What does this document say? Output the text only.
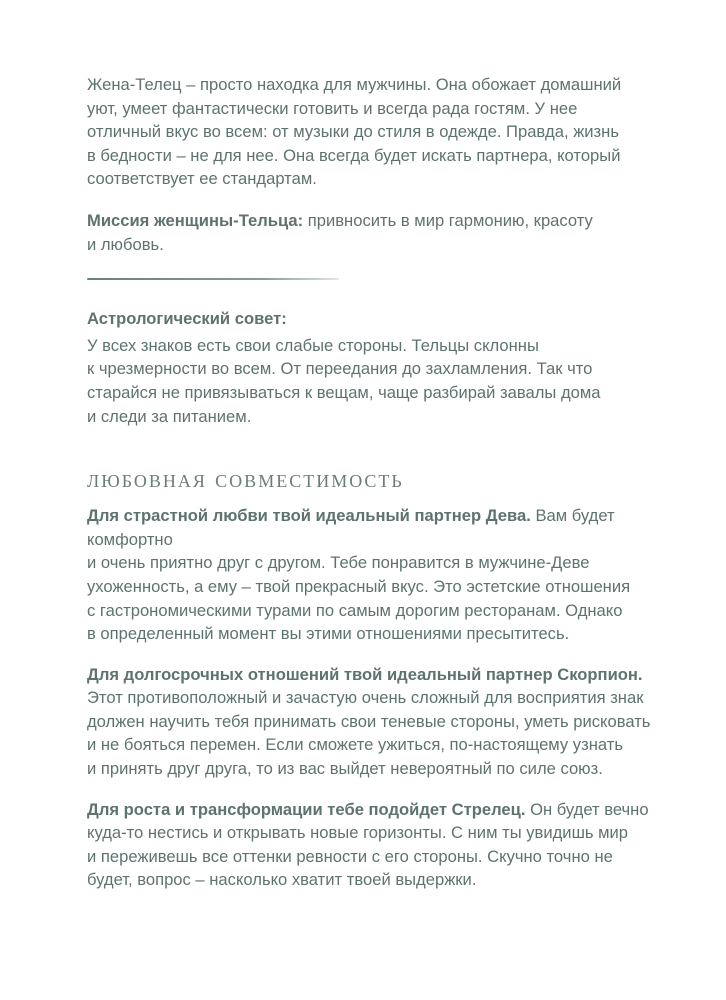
Жена-Телец – просто находка для мужчины. Она обожает домашний
уют, умеет фантастически готовить и всегда рада гостям. У нее
отличный вкус во всем: от музыки до стиля в одежде. Правда, жизнь
в бедности – не для нее. Она всегда будет искать партнера, который
соответствует ее стандартам.

Миссия женщины-Тельца: привносить в мир гармонию, красоту
и любовь.

Астрологический совет:

У всех знаков есть свои слабые стороны. Тельцы склонны
к чрезмерности во всем. От переедания до захламления. Так что
старайся не привязываться к вещам, чаще разбирай завалы дома
и следи за питанием.

любовная совместимость

Для страстной любви твой идеальный партнер Дева. Вам будет комфортно
и очень приятно друг с другом. Тебе понравится в мужчине-Деве
ухоженность, а ему – твой прекрасный вкус. Это эстетские отношения
с гастрономическими турами по самым дорогим ресторанам. Однако
в определенный момент вы этими отношениями пресытитесь.

Для долгосрочных отношений твой идеальный партнер Скорпион.
Этот противоположный и зачастую очень сложный для восприятия знак
должен научить тебя принимать свои теневые стороны, уметь рисковать
и не бояться перемен. Если сможете ужиться, по-настоящему узнать
и принять друг друга, то из вас выйдет невероятный по силе союз.

Для роста и трансформации тебе подойдет Стрелец. Он будет вечно
куда-то нестись и открывать новые горизонты. С ним ты увидишь мир
и переживешь все оттенки ревности с его стороны. Скучно точно не
будет, вопрос – насколько хватит твоей выдержки.
